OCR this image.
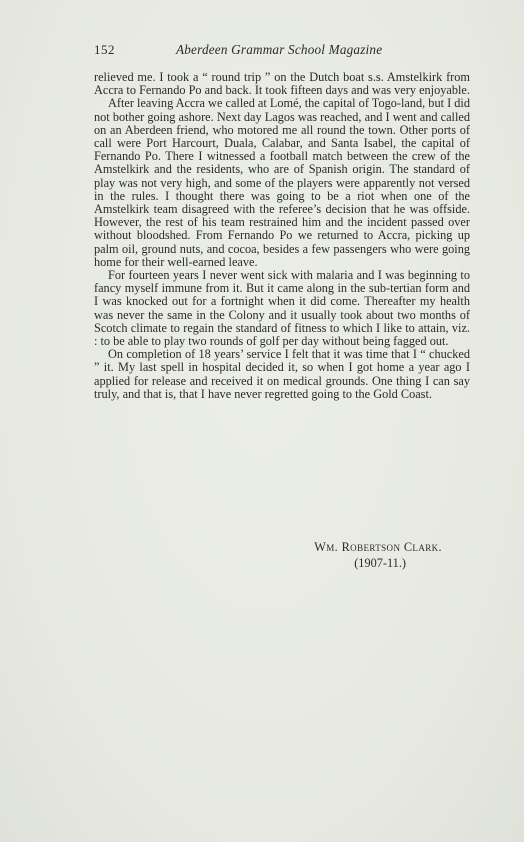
152	Aberdeen Grammar School Magazine

relieved me. I took a “ round trip ” on the Dutch boat s.s. Amstelkirk from Accra to Fernando Po and back. It took fifteen days and was very enjoyable.

After leaving Accra we called at Lomé, the capital of Togo-land, but I did not bother going ashore. Next day Lagos was reached, and I went and called on an Aberdeen friend, who motored me all round the town. Other ports of call were Port Harcourt, Duala, Calabar, and Santa Isabel, the capital of Fernando Po. There I witnessed a football match between the crew of the Amstelkirk and the residents, who are of Spanish origin. The standard of play was not very high, and some of the players were apparently not versed in the rules. I thought there was going to be a riot when one of the Amstelkirk team disagreed with the referee’s decision that he was offside. However, the rest of his team restrained him and the incident passed over without bloodshed. From Fernando Po we returned to Accra, picking up palm oil, ground nuts, and cocoa, besides a few passengers who were going home for their well-earned leave.

For fourteen years I never went sick with malaria and I was beginning to fancy myself immune from it. But it came along in the sub-tertian form and I was knocked out for a fortnight when it did come. Thereafter my health was never the same in the Colony and it usually took about two months of Scotch climate to regain the standard of fitness to which I like to attain, viz. : to be able to play two rounds of golf per day without being fagged out.

On completion of 18 years’ service I felt that it was time that I “ chucked ” it. My last spell in hospital decided it, so when I got home a year ago I applied for release and received it on medical grounds. One thing I can say truly, and that is, that I have never regretted going to the Gold Coast.

Wm. Robertson Clark.
(1907-11.)
